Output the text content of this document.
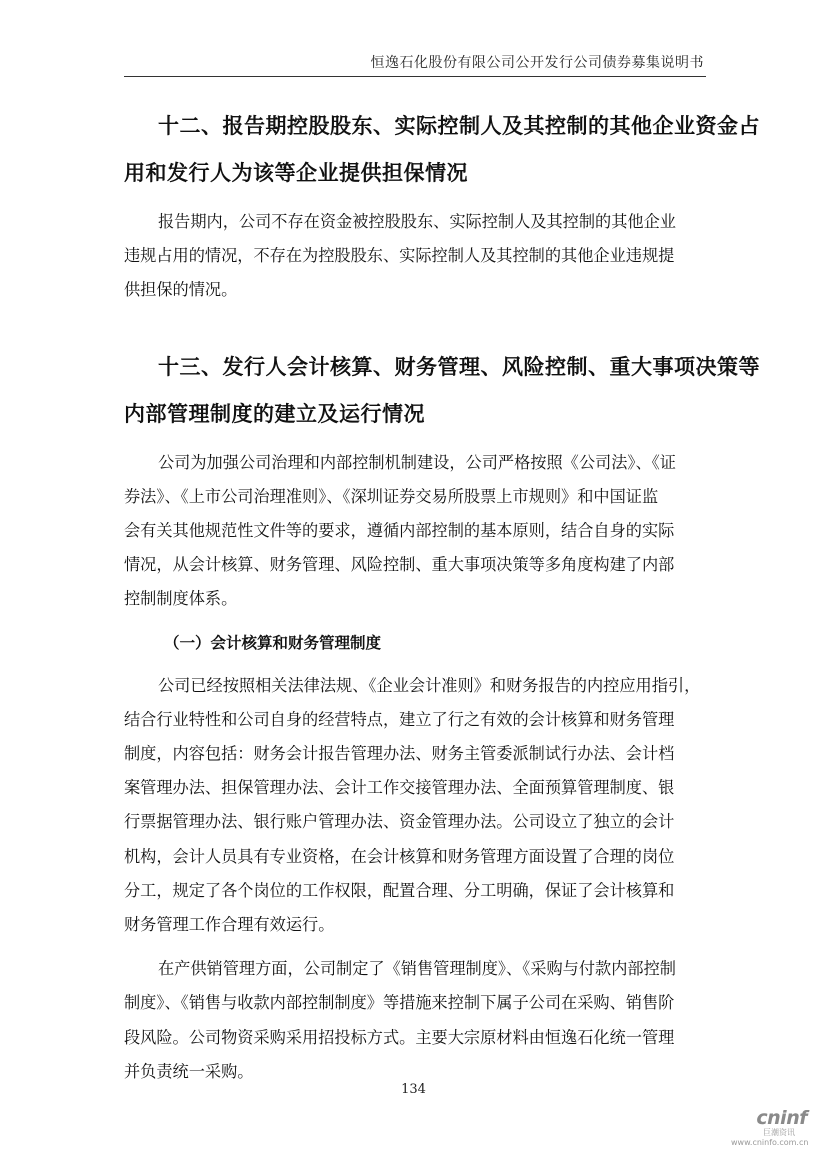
恒逸石化股份有限公司公开发行公司债券募集说明书
十二、报告期控股股东、实际控制人及其控制的其他企业资金占
用和发行人为该等企业提供担保情况
报告期内，公司不存在资金被控股股东、实际控制人及其控制的其他企业
违规占用的情况，不存在为控股股东、实际控制人及其控制的其他企业违规提
供担保的情况。
十三、发行人会计核算、财务管理、风险控制、重大事项决策等
内部管理制度的建立及运行情况
公司为加强公司治理和内部控制机制建设，公司严格按照《公司法》、《证
券法》、《上市公司治理准则》、《深圳证券交易所股票上市规则》和中国证监
会有关其他规范性文件等的要求，遵循内部控制的基本原则，结合自身的实际
情况，从会计核算、财务管理、风险控制、重大事项决策等多角度构建了内部
控制制度体系。
（一）会计核算和财务管理制度
公司已经按照相关法律法规、《企业会计准则》和财务报告的内控应用指引，
结合行业特性和公司自身的经营特点，建立了行之有效的会计核算和财务管理
制度，内容包括：财务会计报告管理办法、财务主管委派制试行办法、会计档
案管理办法、担保管理办法、会计工作交接管理办法、全面预算管理制度、银
行票据管理办法、银行账户管理办法、资金管理办法。公司设立了独立的会计
机构，会计人员具有专业资格，在会计核算和财务管理方面设置了合理的岗位
分工，规定了各个岗位的工作权限，配置合理、分工明确，保证了会计核算和
财务管理工作合理有效运行。
在产供销管理方面，公司制定了《销售管理制度》、《采购与付款内部控制
制度》、《销售与收款内部控制制度》等措施来控制下属子公司在采购、销售阶
段风险。公司物资采购采用招投标方式。主要大宗原材料由恒逸石化统一管理
并负责统一采购。
134
cninf
巨潮资讯
www.cninfo.com.cn
